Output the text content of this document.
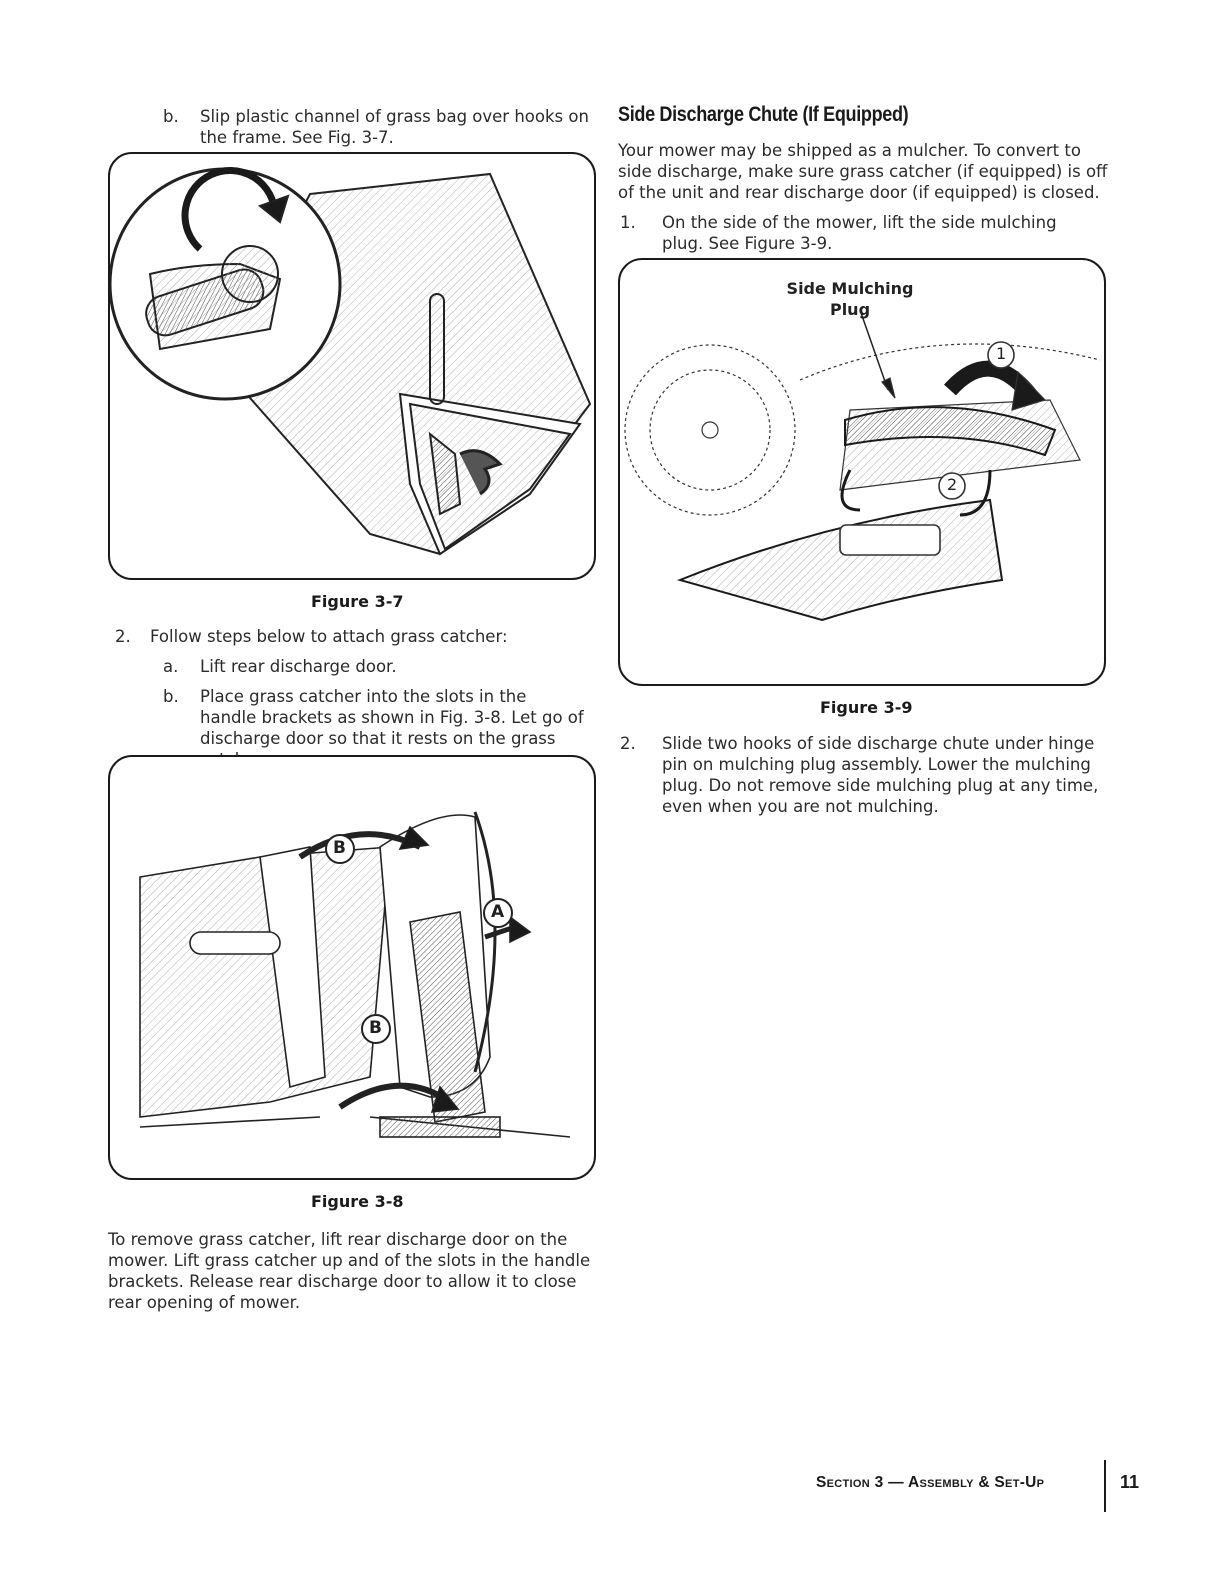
b. Slip plastic channel of grass bag over hooks on the frame. See Fig. 3-7.
Figure 3-7
2. Follow steps below to attach grass catcher:
a. Lift rear discharge door.
b. Place grass catcher into the slots in the handle brackets as shown in Fig. 3-8. Let go of discharge door so that it rests on the grass
B
A
B
Figure 3-8
To remove grass catcher, lift rear discharge door on the mower. Lift grass catcher up and of the slots in the handle brackets. Release rear discharge door to allow it to close rear opening of mower.
Side Discharge Chute (If Equipped)
Your mower may be shipped as a mulcher. To convert to side discharge, make sure grass catcher (if equipped) is off of the unit and rear discharge door (if equipped) is closed.
1. On the side of the mower, lift the side mulching plug. See Figure 3-9.
Side Mulching
Plug
1
2
Figure 3-9
2. Slide two hooks of side discharge chute under hinge pin on mulching plug assembly. Lower the mulching plug. Do not remove side mulching plug at any time, even when you are not mulching.
Section 3 — Assembly & Set-Up	11
